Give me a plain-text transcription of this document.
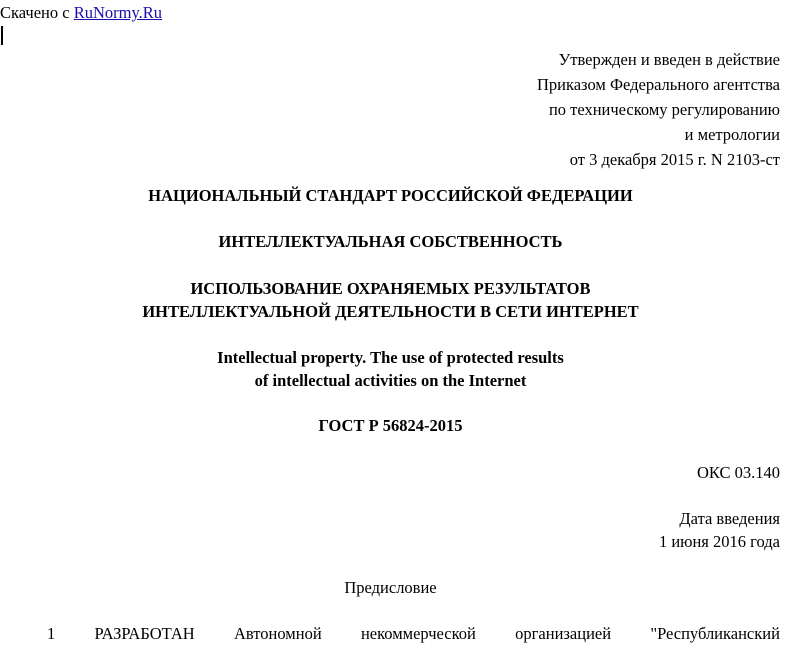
Скачено с RuNormy.Ru
Утвержден и введен в действие
Приказом Федерального агентства
по техническому регулированию
и метрологии
от 3 декабря 2015 г. N 2103-ст
НАЦИОНАЛЬНЫЙ СТАНДАРТ РОССИЙСКОЙ ФЕДЕРАЦИИ
ИНТЕЛЛЕКТУАЛЬНАЯ СОБСТВЕННОСТЬ
ИСПОЛЬЗОВАНИЕ ОХРАНЯЕМЫХ РЕЗУЛЬТАТОВ
ИНТЕЛЛЕКТУАЛЬНОЙ ДЕЯТЕЛЬНОСТИ В СЕТИ ИНТЕРНЕТ
Intellectual property. The use of protected results
of intellectual activities on the Internet
ГОСТ Р 56824-2015
ОКС 03.140
Дата введения
1 июня 2016 года
Предисловие
1 РАЗРАБОТАН Автономной некоммерческой организацией "Республиканский
